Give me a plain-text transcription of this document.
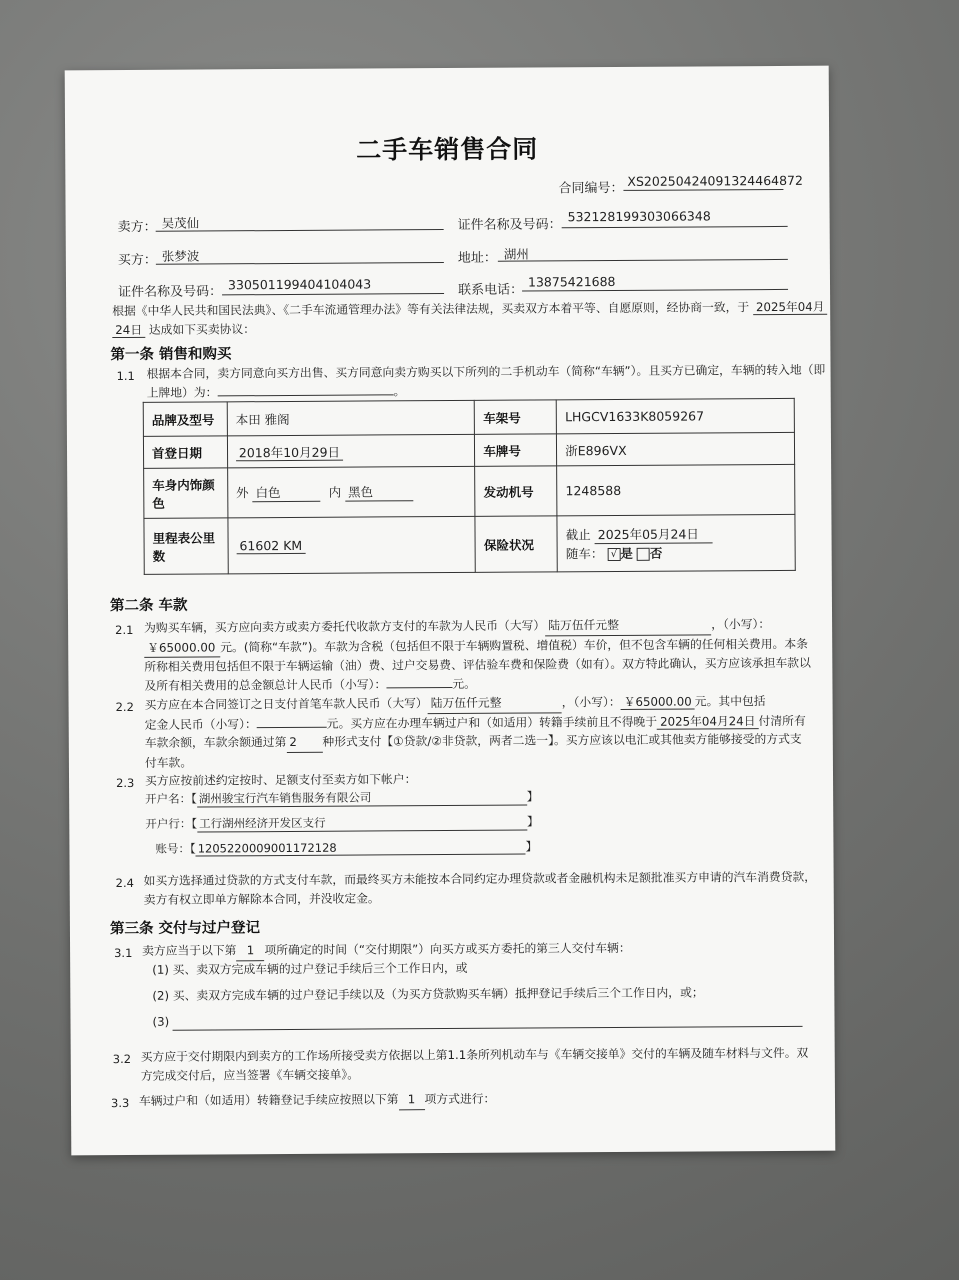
二手车销售合同
合同编号： XS20250424091324464872
卖方： 吴茂仙	证件名称及号码：
532128199303066348
买方： 张梦波	地址： 湖州
证件名称及号码： 330501199404104043	联系电话：
13875421688
根据《中华人民共和国民法典》、《二手车流通管理办法》等有关法律法规，买卖双方本着平等、自愿原则，经协商一致，于 2025年04月
24日 达成如下买卖协议：
第一条 销售和购买
1.1 根据本合同，卖方同意向买方出售、买方同意向卖方购买以下所列的二手机动车（简称“车辆”）。且买方已确定，车辆的转入地（即
上牌地）为：	。
品牌及型号	本田 雅阁	车架号	LHGCV1633K8059267
首登日期	2018年10月29日	车牌号	浙E896VX
车身内饰颜色	外 白色 内 黑色	发动机号	1248588
里程表公里数	61602 KM	保险状况	截止 2025年05月24日
随车： √ 是 否
第二条 车款
2.1 为购买车辆，买方应向卖方或卖方委托代收款方支付的车款为人民币（大写） 陆万伍仟元整	，（小写）：
￥65000.00 元。(简称“车款”)。车款为含税（包括但不限于车辆购置税、增值税）车价，但不包含车辆的任何相关费用。本条
所称相关费用包括但不限于车辆运输（油）费、过户交易费、评估验车费和保险费（如有）。双方特此确认，买方应该承担车款以
及所有相关费用的总金额总计人民币（小写）：	元。
2.2 买方应在本合同签订之日支付首笔车款人民币（大写） 陆万伍仟元整	，（小写）： ￥65000.00 元。其中包括
定金人民币（小写）：	元。买方应在办理车辆过户和（如适用）转籍手续前且不得晚于 2025年04月24日 付清所有
车款余额，车款余额通过第 2 种形式支付【①贷款/②非贷款，两者二选一】。买方应该以电汇或其他卖方能够接受的方式支
付车款。
2.3 买方应按前述约定按时、足额支付至卖方如下帐户：
开户名：【 湖州骏宝行汽车销售服务有限公司	】
开户行：【 工行湖州经济开发区支行	】
账号：【 1205220009001172128	】
2.4 如买方选择通过贷款的方式支付车款，而最终买方未能按本合同约定办理贷款或者金融机构未足额批准买方申请的汽车消费贷款，
卖方有权立即单方解除本合同，并没收定金。
第三条 交付与过户登记
3.1 卖方应当于以下第 1 项所确定的时间（“交付期限”）向买方或买方委托的第三人交付车辆：
(1) 买、卖双方完成车辆的过户登记手续后三个工作日内，或
(2) 买、卖双方完成车辆的过户登记手续以及（为买方贷款购买车辆）抵押登记手续后三个工作日内，或；
(3)
3.2 买方应于交付期限内到卖方的工作场所接受卖方依据以上第1.1条所列机动车与《车辆交接单》交付的车辆及随车材料与文件。双
方完成交付后，应当签署《车辆交接单》。
3.3 车辆过户和（如适用）转籍登记手续应按照以下第 1 项方式进行：
